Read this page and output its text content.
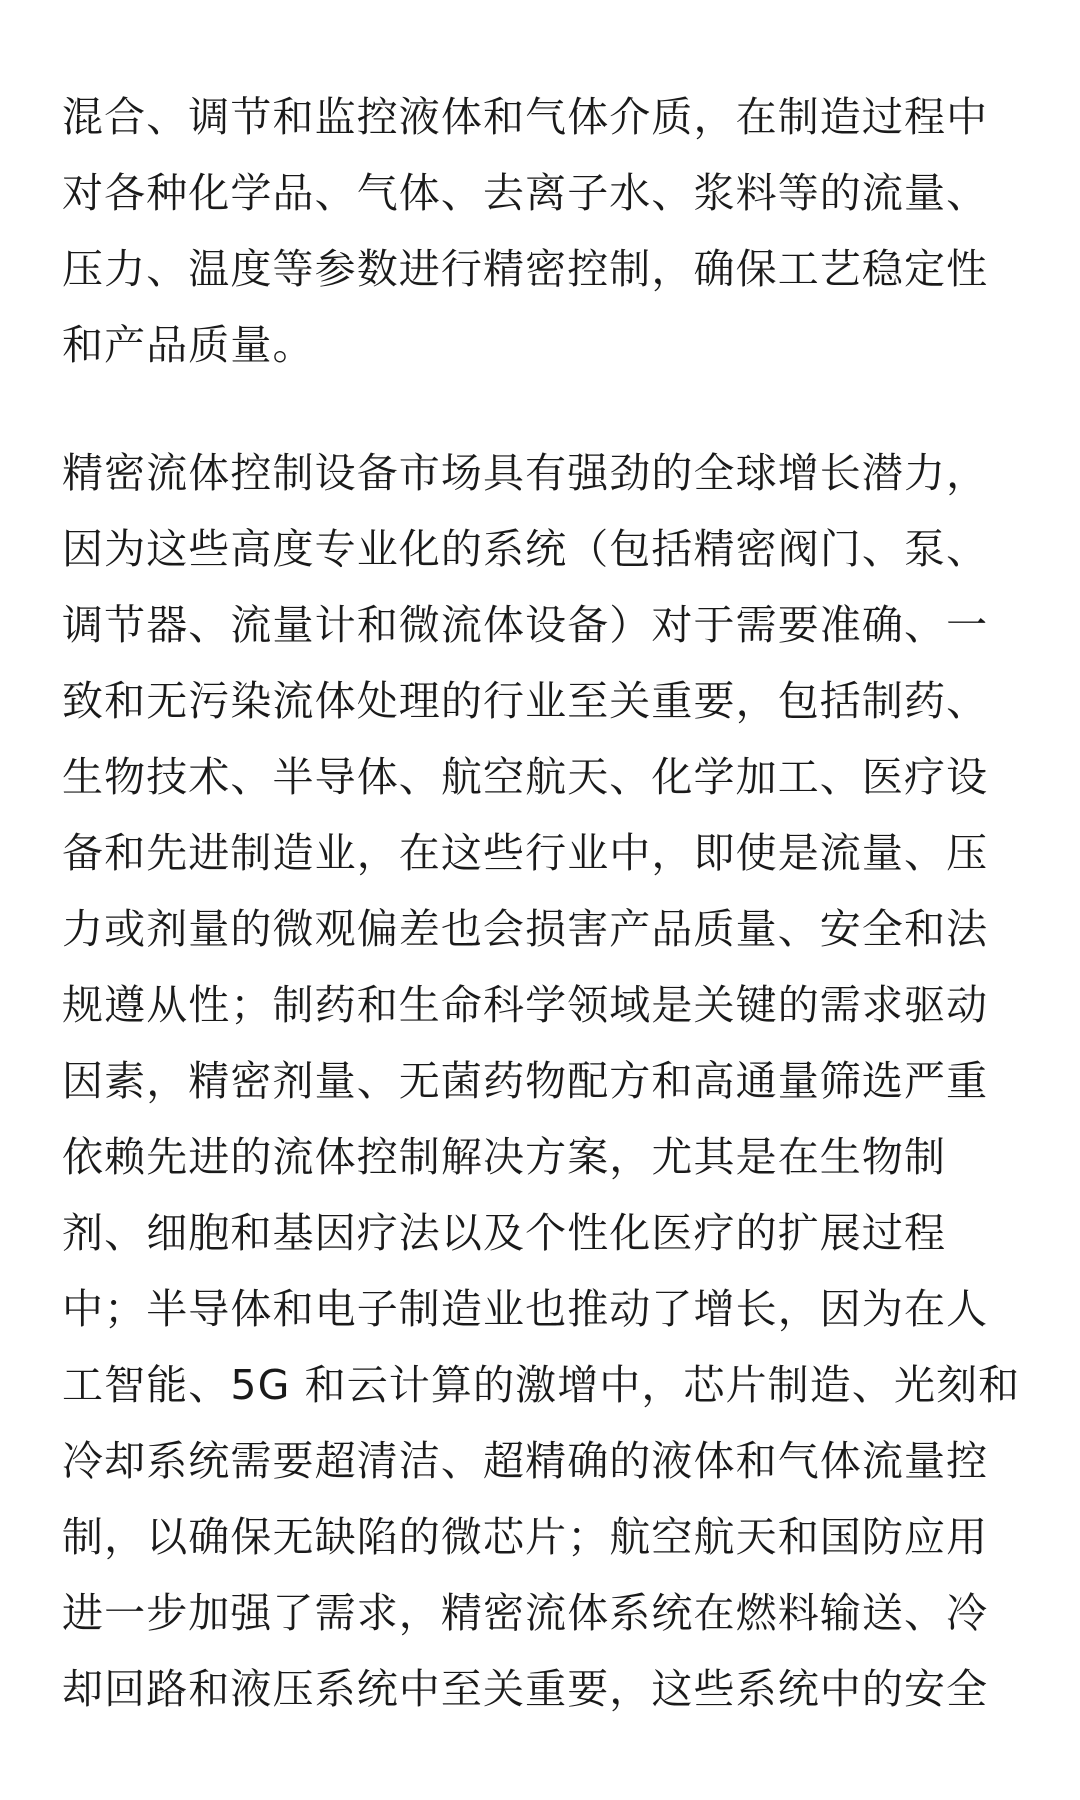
混合、调节和监控液体和气体介质，在制造过程中
对各种化学品、气体、去离子水、浆料等的流量、
压力、温度等参数进行精密控制，确保工艺稳定性
和产品质量。
精密流体控制设备市场具有强劲的全球增长潜力，
因为这些高度专业化的系统（包括精密阀门、泵、
调节器、流量计和微流体设备）对于需要准确、一
致和无污染流体处理的行业至关重要，包括制药、
生物技术、半导体、航空航天、化学加工、医疗设
备和先进制造业，在这些行业中，即使是流量、压
力或剂量的微观偏差也会损害产品质量、安全和法
规遵从性；制药和生命科学领域是关键的需求驱动
因素，精密剂量、无菌药物配方和高通量筛选严重
依赖先进的流体控制解决方案，尤其是在生物制
剂、细胞和基因疗法以及个性化医疗的扩展过程
中；半导体和电子制造业也推动了增长，因为在人
工智能、5G 和云计算的激增中，芯片制造、光刻和
冷却系统需要超清洁、超精确的液体和气体流量控
制，以确保无缺陷的微芯片；航空航天和国防应用
进一步加强了需求，精密流体系统在燃料输送、冷
却回路和液压系统中至关重要，这些系统中的安全
